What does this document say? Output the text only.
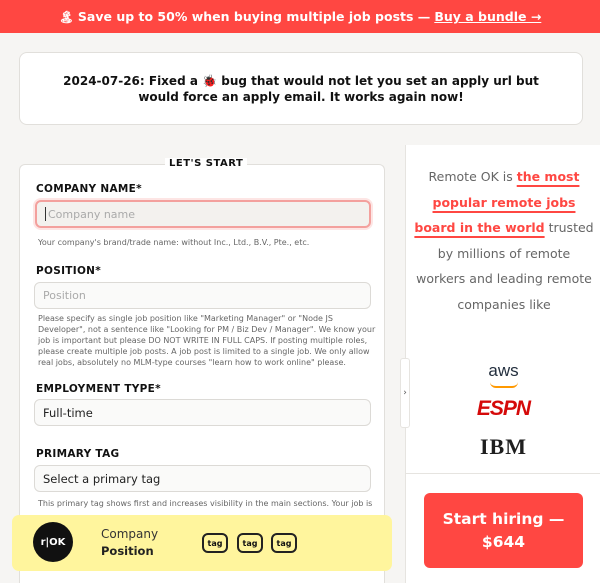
🏝 Save up to 50% when buying multiple job posts — Buy a bundle →
2024-07-26: Fixed a 🐞 bug that would not let you set an apply url but would force an apply email. It works again now!
COMPANY NAME*
Company name
Your company's brand/trade name: without Inc., Ltd., B.V., Pte., etc.
POSITION*
Position
Please specify as single job position like "Marketing Manager" or "Node JS Developer", not a sentence like "Looking for PM / Biz Dev / Manager". We know your job is important but please DO NOT WRITE IN FULL CAPS. If posting multiple roles, please create multiple job posts. A job post is limited to a single job. We only allow real jobs, absolutely no MLM-type courses "learn how to work online" please.
EMPLOYMENT TYPE*
Full-time
PRIMARY TAG
Select a primary tag
This primary tag shows first and increases visibility in the main sections. Your job is
LET'S START
Remote OK is the most popular remote jobs board in the world trusted by millions of remote workers and leading remote companies like
aws
ESPN
IBM
›
Start hiring — $644
r|OK
Company
Position
tag	tag	tag
